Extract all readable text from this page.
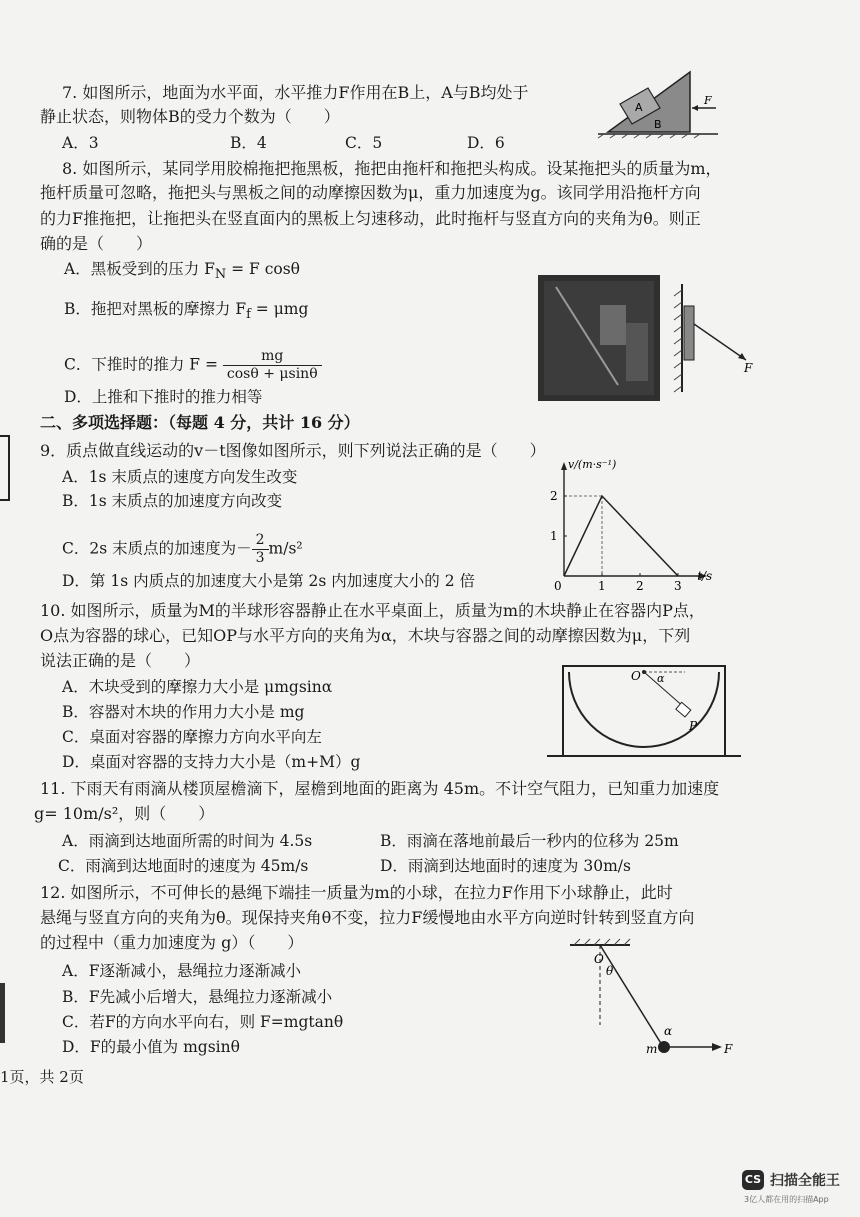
7. 如图所示，地面为水平面，水平推力F作用在B上，A与B均处于
静止状态，则物体B的受力个数为（　　）
A．3	B．4	C．5	D．6
A
B
F
8. 如图所示，某同学用胶棉拖把拖黑板，拖把由拖杆和拖把头构成。设某拖把头的质量为m，
拖杆质量可忽略，拖把头与黑板之间的动摩擦因数为μ，重力加速度为g。该同学用沿拖杆方向
的力F推拖把，让拖把头在竖直面内的黑板上匀速移动，此时拖杆与竖直方向的夹角为θ。则正
确的是（　　）
A．黑板受到的压力 $F_N = F$ cosθ
B．拖把对黑板的摩擦力 $F_f = \mu mg$
C．下推时的推力 $F = \frac{mg}{\cos\theta + \mu\sin\theta}$
D．上推和下推时的推力相等
F
二、多项选择题：（每题 4 分，共计 16 分）
9．质点做直线运动的v－t图像如图所示，则下列说法正确的是（　　）
A．1s 末质点的速度方向发生改变
B．1s 末质点的加速度方向改变
C．2s 末质点的加速度为－ $\frac{2}{3} m/s^2$
D．第 1s 内质点的加速度大小是第 2s 内加速度大小的 2 倍	0	1	2	3
1
2
t/s
v/(m·s⁻¹)
10. 如图所示，质量为M的半球形容器静止在水平桌面上，质量为m的木块静止在容器内P点，
O点为容器的球心，已知OP与水平方向的夹角为α，木块与容器之间的动摩擦因数为μ，下列
说法正确的是（　　）
A．木块受到的摩擦力大小是 μmgsinα
B．容器对木块的作用力大小是 mg
C．桌面对容器的摩擦力方向水平向左
D．桌面对容器的支持力大小是（m+M）g
O α
P
11. 下雨天有雨滴从楼顶屋檐滴下，屋檐到地面的距离为 45m。不计空气阻力，已知重力加速度
g= 10m/s²，则（　　）
A．雨滴到达地面所需的时间为 4.5s	B．雨滴在落地前最后一秒内的位移为 25m
C．雨滴到达地面时的速度为 45m/s	D．雨滴到达地面时的速度为 30m/s
12. 如图所示，不可伸长的悬绳下端挂一质量为m的小球，在拉力F作用下小球静止，此时
悬绳与竖直方向的夹角为θ。现保持夹角θ不变，拉力F缓慢地由水平方向逆时针转到竖直方向
的过程中（重力加速度为 g）（　　）
A．F逐渐减小，悬绳拉力逐渐减小
B．F先减小后增大，悬绳拉力逐渐减小
C．若F的方向水平向右，则 F=mgtanθ
D．F的最小值为 mgsinθ
O
θ
α
m	F
1页，共 2页
CS 扫描全能王
3亿人都在用的扫描App
